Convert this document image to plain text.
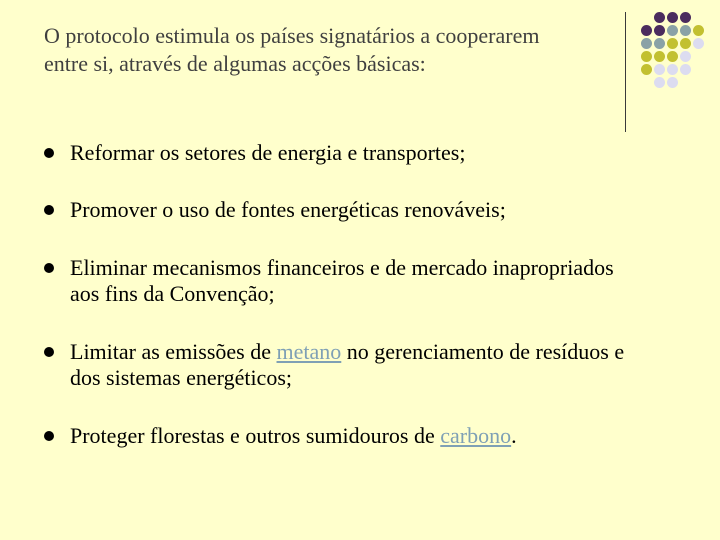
O protocolo estimula os países signatários a cooperarem entre si, através de algumas acções básicas:
Reformar os setores de energia e transportes;
Promover o uso de fontes energéticas renováveis;
Eliminar mecanismos financeiros e de mercado inapropriados aos fins da Convenção;
Limitar as emissões de metano no gerenciamento de resíduos e dos sistemas energéticos;
Proteger florestas e outros sumidouros de carbono.
